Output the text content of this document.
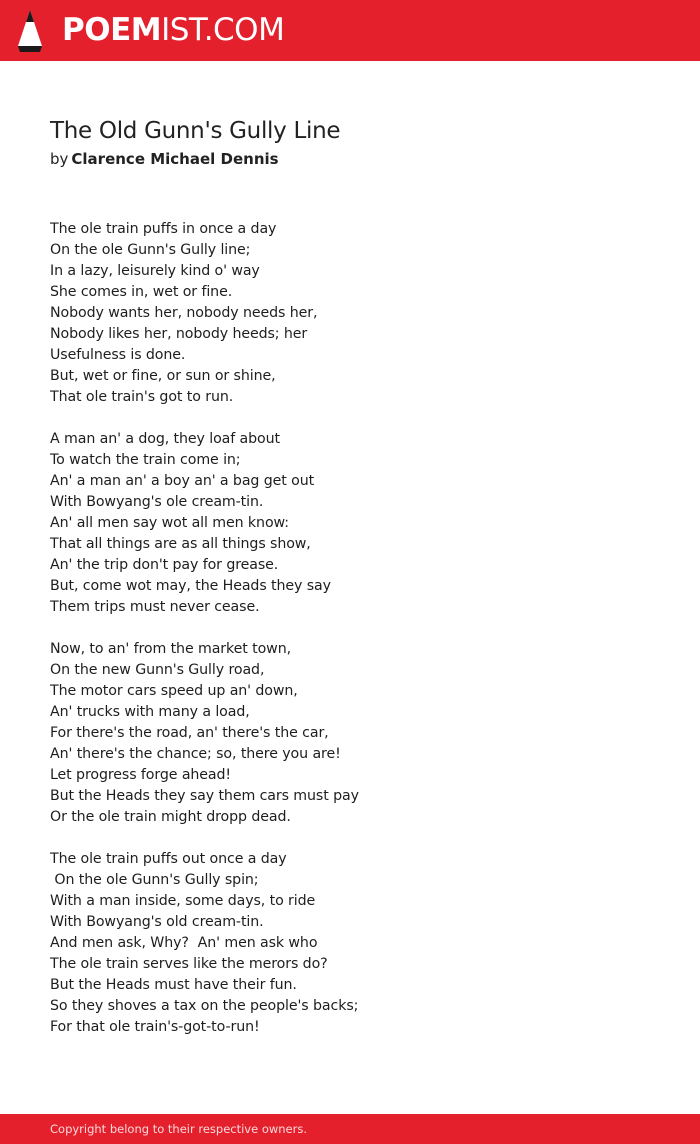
POEMIST.COM
The Old Gunn's Gully Line
by Clarence Michael Dennis
The ole train puffs in once a day
On the ole Gunn's Gully line;
In a lazy, leisurely kind o' way
She comes in, wet or fine.
Nobody wants her, nobody needs her,
Nobody likes her, nobody heeds; her
Usefulness is done.
But, wet or fine, or sun or shine,
That ole train's got to run.
A man an' a dog, they loaf about
To watch the train come in;
An' a man an' a boy an' a bag get out
With Bowyang's ole cream-tin.
An' all men say wot all men know:
That all things are as all things show,
An' the trip don't pay for grease.
But, come wot may, the Heads they say
Them trips must never cease.
Now, to an' from the market town,
On the new Gunn's Gully road,
The motor cars speed up an' down,
An' trucks with many a load,
For there's the road, an' there's the car,
An' there's the chance; so, there you are!
Let progress forge ahead!
But the Heads they say them cars must pay
Or the ole train might dropp dead.
The ole train puffs out once a day
On the ole Gunn's Gully spin;
With a man inside, some days, to ride
With Bowyang's old cream-tin.
And men ask, Why?  An' men ask who
The ole train serves like the merors do?
But the Heads must have their fun.
So they shoves a tax on the people's backs;
For that ole train's-got-to-run!
Copyright belong to their respective owners.
